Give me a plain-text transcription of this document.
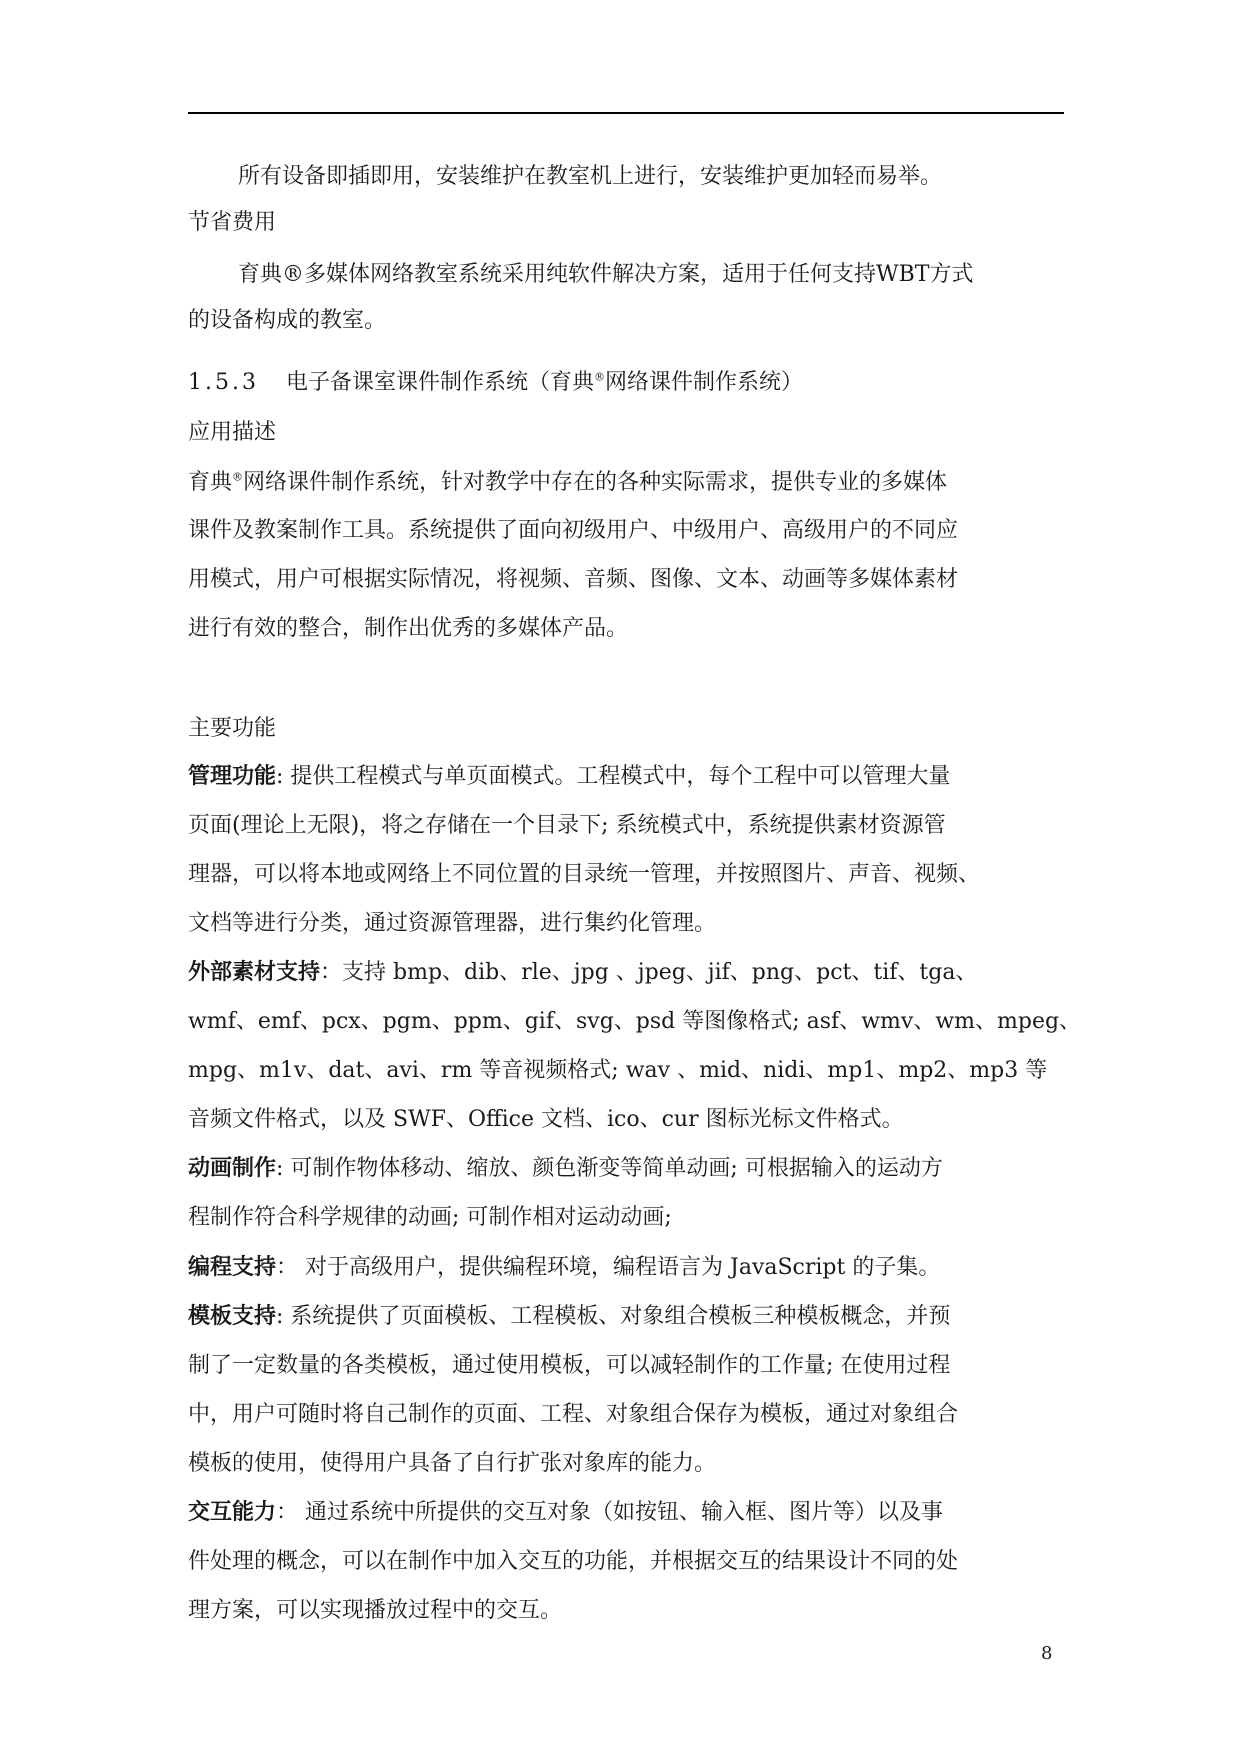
所有设备即插即用，安装维护在教室机上进行，安装维护更加轻而易举。
节省费用
育典®多媒体网络教室系统采用纯软件解决方案，适用于任何支持WBT方式
的设备构成的教室。
1.5.3 电子备课室课件制作系统（育典®网络课件制作系统）
应用描述
育典®网络课件制作系统，针对教学中存在的各种实际需求，提供专业的多媒体
课件及教案制作工具。系统提供了面向初级用户、中级用户、高级用户的不同应
用模式，用户可根据实际情况，将视频、音频、图像、文本、动画等多媒体素材
进行有效的整合，制作出优秀的多媒体产品。
主要功能
管理功能: 提供工程模式与单页面模式。工程模式中，每个工程中可以管理大量
页面(理论上无限)，将之存储在一个目录下; 系统模式中，系统提供素材资源管
理器，可以将本地或网络上不同位置的目录统一管理，并按照图片、声音、视频、
文档等进行分类，通过资源管理器，进行集约化管理。
外部素材支持：支持 bmp、dib、rle、jpg 、jpeg、jif、png、pct、tif、tga、
wmf、emf、pcx、pgm、ppm、gif、svg、psd 等图像格式; asf、wmv、wm、mpeg、
mpg、m1v、dat、avi、rm 等音视频格式; wav 、mid、nidi、mp1、mp2、mp3 等
音频文件格式，以及 SWF、Office 文档、ico、cur 图标光标文件格式。
动画制作: 可制作物体移动、缩放、颜色渐变等简单动画; 可根据输入的运动方
程制作符合科学规律的动画; 可制作相对运动动画;
编程支持： 对于高级用户，提供编程环境，编程语言为 JavaScript 的子集。
模板支持: 系统提供了页面模板、工程模板、对象组合模板三种模板概念，并预
制了一定数量的各类模板，通过使用模板，可以减轻制作的工作量; 在使用过程
中，用户可随时将自己制作的页面、工程、对象组合保存为模板，通过对象组合
模板的使用，使得用户具备了自行扩张对象库的能力。
交互能力： 通过系统中所提供的交互对象（如按钮、输入框、图片等）以及事
件处理的概念，可以在制作中加入交互的功能，并根据交互的结果设计不同的处
理方案，可以实现播放过程中的交互。
8
